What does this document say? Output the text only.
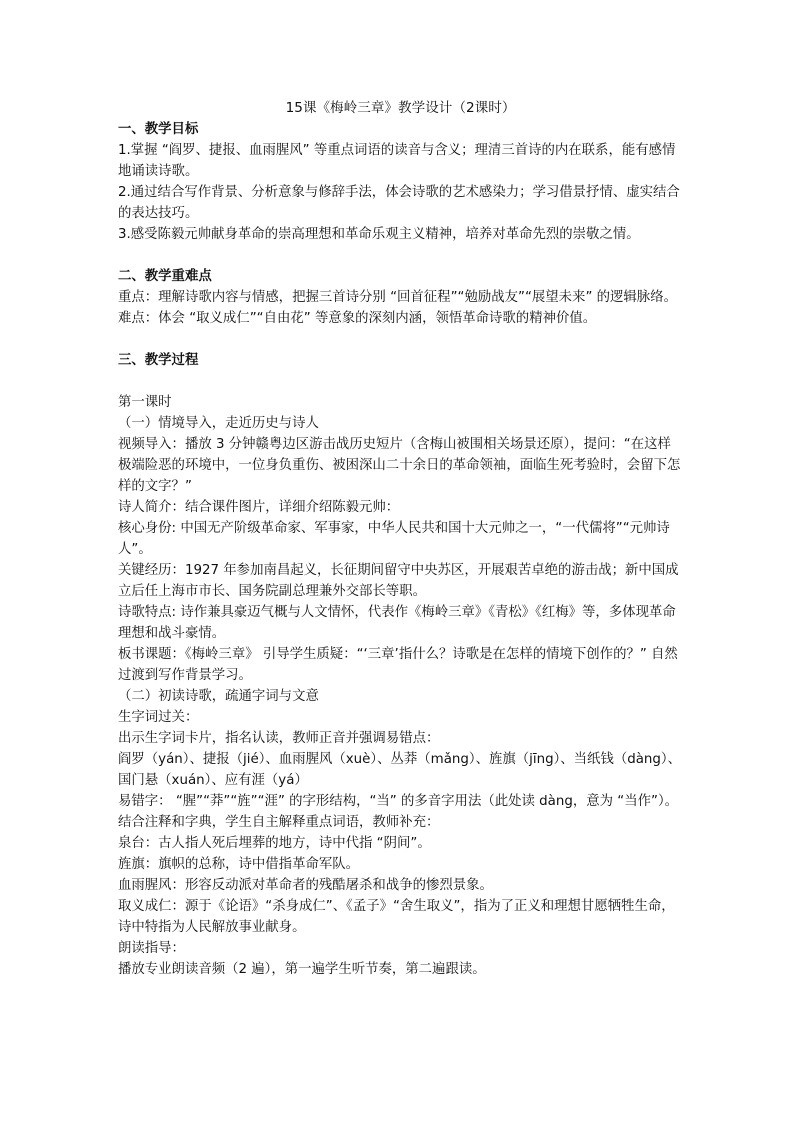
15课《梅岭三章》教学设计（2课时）

一、教学目标

1.掌握 “阎罗、捷报、血雨腥风” 等重点词语的读音与含义；理清三首诗的内在联系，能有感情地诵读诗歌。

2.通过结合写作背景、分析意象与修辞手法，体会诗歌的艺术感染力；学习借景抒情、虚实结合的表达技巧。

3.感受陈毅元帅献身革命的崇高理想和革命乐观主义精神，培养对革命先烈的崇敬之情。

二、教学重难点

重点：理解诗歌内容与情感，把握三首诗分别 “回首征程”“勉励战友”“展望未来” 的逻辑脉络。

难点：体会 “取义成仁”“自由花” 等意象的深刻内涵，领悟革命诗歌的精神价值。

三、教学过程

第一课时

（一）情境导入，走近历史与诗人

视频导入：播放 3 分钟赣粤边区游击战历史短片（含梅山被围相关场景还原），提问：“在这样极端险恶的环境中，一位身负重伤、被困深山二十余日的革命领袖，面临生死考验时，会留下怎样的文字？”

诗人简介：结合课件图片，详细介绍陈毅元帅：

核心身份: 中国无产阶级革命家、军事家，中华人民共和国十大元帅之一，“一代儒将”“元帅诗人”。

关键经历：1927 年参加南昌起义，长征期间留守中央苏区，开展艰苦卓绝的游击战；新中国成立后任上海市市长、国务院副总理兼外交部长等职。

诗歌特点: 诗作兼具豪迈气概与人文情怀，代表作《梅岭三章》《青松》《红梅》等，多体现革命理想和战斗豪情。

板书课题：《梅岭三章》 引导学生质疑：“‘三章’指什么？诗歌是在怎样的情境下创作的？” 自然过渡到写作背景学习。

（二）初读诗歌，疏通字词与文意

生字词过关：

出示生字词卡片，指名认读，教师正音并强调易错点：

阎罗（yán）、捷报（jié）、血雨腥风（xuè）、丛莽（mǎng）、旌旗（jīng）、当纸钱（dàng）、国门悬（xuán）、应有涯（yá）

易错字： “腥”“莽”“旌”“涯” 的字形结构，“当” 的多音字用法（此处读 dàng，意为 “当作”）。

结合注释和字典，学生自主解释重点词语，教师补充：

泉台：古人指人死后埋葬的地方，诗中代指 “阴间”。

旌旗：旗帜的总称，诗中借指革命军队。

血雨腥风：形容反动派对革命者的残酷屠杀和战争的惨烈景象。

取义成仁：源于《论语》“杀身成仁”、《孟子》“舍生取义”，指为了正义和理想甘愿牺牲生命，诗中特指为人民解放事业献身。

朗读指导：

播放专业朗读音频（2 遍），第一遍学生听节奏，第二遍跟读。
